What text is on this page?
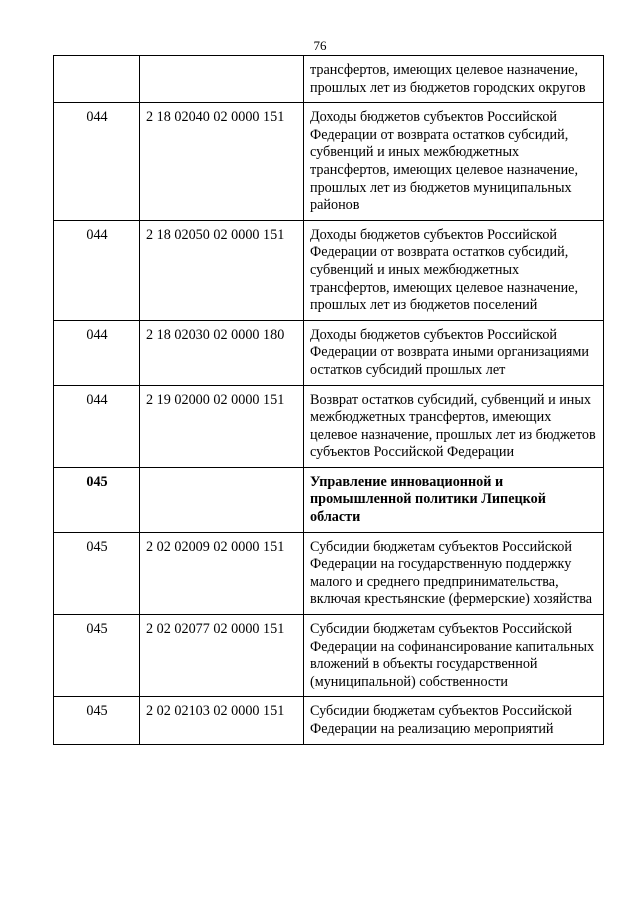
76
		трансфертов, имеющих целевое назначение, прошлых лет из бюджетов городских округов
044	2 18 02040 02 0000 151	Доходы бюджетов субъектов Российской Федерации от возврата остатков субсидий, субвенций и иных межбюджетных трансфертов, имеющих целевое назначение, прошлых лет из бюджетов муниципальных районов
044	2 18 02050 02 0000 151	Доходы бюджетов субъектов Российской Федерации от возврата остатков субсидий, субвенций и иных межбюджетных трансфертов, имеющих целевое назначение, прошлых лет из бюджетов поселений
044	2 18 02030 02 0000 180	Доходы бюджетов субъектов Российской Федерации от возврата иными организациями остатков субсидий прошлых лет
044	2 19 02000 02 0000 151	Возврат остатков субсидий, субвенций и иных межбюджетных трансфертов, имеющих целевое назначение, прошлых лет из бюджетов субъектов Российской Федерации
045		Управление инновационной и промышленной политики Липецкой области
045	2 02 02009 02 0000 151	Субсидии бюджетам субъектов Российской Федерации на государственную поддержку малого и среднего предпринимательства, включая крестьянские (фермерские) хозяйства
045	2 02 02077 02 0000 151	Субсидии бюджетам субъектов Российской Федерации на софинансирование капитальных вложений в объекты государственной (муниципальной) собственности
045	2 02 02103 02 0000 151	Субсидии бюджетам субъектов Российской Федерации на реализацию мероприятий
